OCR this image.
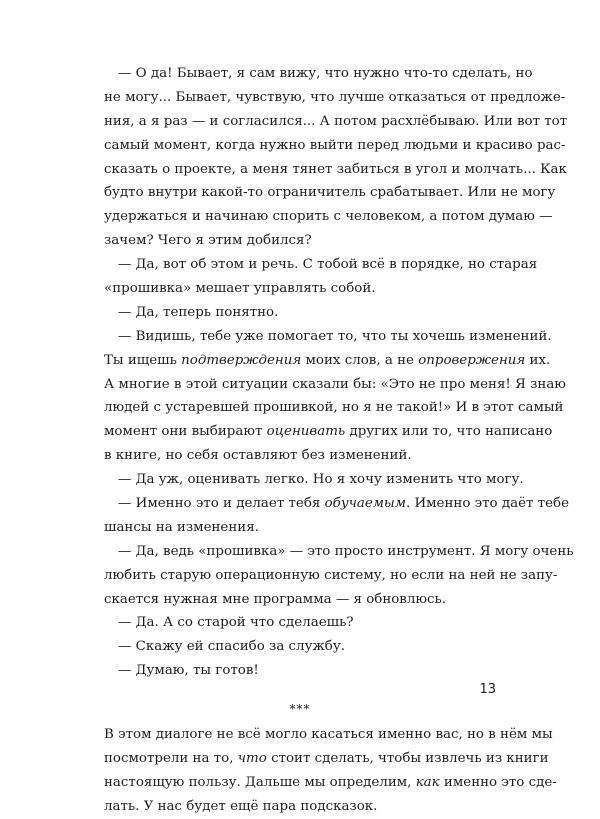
— О да! Бывает, я сам вижу, что нужно что-то сделать, но
не могу... Бывает, чувствую, что лучше отказаться от предложе-
ния, а я раз — и согласился... А потом расхлёбываю. Или вот тот
самый момент, когда нужно выйти перед людьми и красиво рас-
сказать о проекте, а меня тянет забиться в угол и молчать... Как
будто внутри какой-то ограничитель срабатывает. Или не могу
удержаться и начинаю спорить с человеком, а потом думаю —
зачем? Чего я этим добился?
— Да, вот об этом и речь. С тобой всё в порядке, но старая
«прошивка» мешает управлять собой.
— Да, теперь понятно.
— Видишь, тебе уже помогает то, что ты хочешь изменений.
Ты ищешь подтверждения моих слов, а не опровержения их.
А многие в этой ситуации сказали бы: «Это не про меня! Я знаю
людей с устаревшей прошивкой, но я не такой!» И в этот самый
момент они выбирают оценивать других или то, что написано
в книге, но себя оставляют без изменений.
— Да уж, оценивать легко. Но я хочу изменить что могу.
— Именно это и делает тебя обучаемым. Именно это даёт тебе
шансы на изменения.
— Да, ведь «прошивка» — это просто инструмент. Я могу очень
любить старую операционную систему, но если на ней не запу-
скается нужная мне программа — я обновлюсь.
— Да. А со старой что сделаешь?
— Скажу ей спасибо за службу.
— Думаю, ты готов!
***
В этом диалоге не всё могло касаться именно вас, но в нём мы
посмотрели на то, что стоит сделать, чтобы извлечь из книги
настоящую пользу. Дальше мы определим, как именно это сде-
лать. У нас будет ещё пара подсказок.
13
